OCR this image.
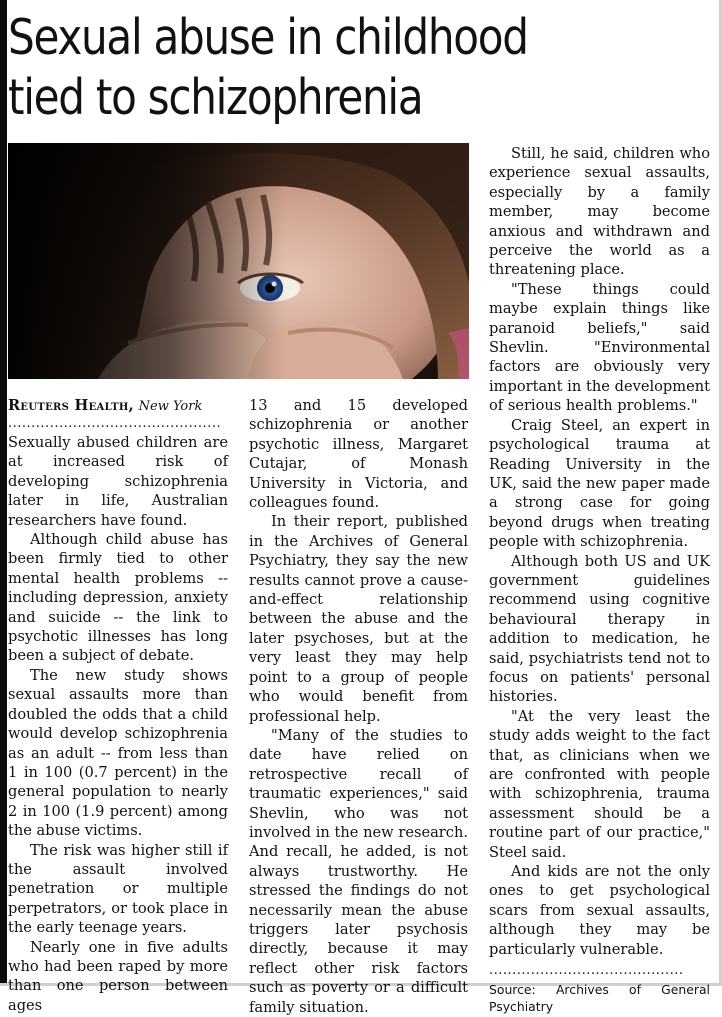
Sexual abuse in childhood
tied to schizophrenia
Reuters Health, New York
..............................................

Sexually abused children are at increased risk of developing schizophrenia later in life, Australian researchers have found.

Although child abuse has been firmly tied to other mental health problems -- including depression, anxiety and suicide -- the link to psychotic illnesses has long been a subject of debate.

The new study shows sexual assaults more than doubled the odds that a child would develop schizophrenia as an adult -- from less than 1 in 100 (0.7 percent) in the general population to nearly 2 in 100 (1.9 percent) among the abuse victims.

The risk was higher still if the assault involved penetration or multiple perpetrators, or took place in the early teenage years.

Nearly one in five adults who had been raped by more than one person between ages

13 and 15 developed schizophrenia or another psychotic illness, Margaret Cutajar, of Monash University in Victoria, and colleagues found.

In their report, published in the Archives of General Psychiatry, they say the new results cannot prove a cause-and-effect relationship between the abuse and the later psychoses, but at the very least they may help point to a group of people who would benefit from professional help.

"Many of the studies to date have relied on retrospective recall of traumatic experiences," said Shevlin, who was not involved in the new research. And recall, he added, is not always trustworthy. He stressed the findings do not necessarily mean the abuse triggers later psychosis directly, because it may reflect other risk factors such as poverty or a difficult family situation.

Still, he said, children who experience sexual assaults, especially by a family member, may become anxious and withdrawn and perceive the world as a threatening place.

"These things could maybe explain things like paranoid beliefs," said Shevlin. "Environmental factors are obviously very important in the development of serious health problems."

Craig Steel, an expert in psychological trauma at Reading University in the UK, said the new paper made a strong case for going beyond drugs when treating people with schizophrenia.

Although both US and UK government guidelines recommend using cognitive behavioural therapy in addition to medication, he said, psychiatrists tend not to focus on patients' personal histories.

"At the very least the study adds weight to the fact that, as clinicians when we are confronted with people with schizophrenia, trauma assessment should be a routine part of our practice," Steel said.

And kids are not the only ones to get psychological scars from sexual assaults, although they may be particularly vulnerable.

..........................................
Source: Archives of General Psychiatry
